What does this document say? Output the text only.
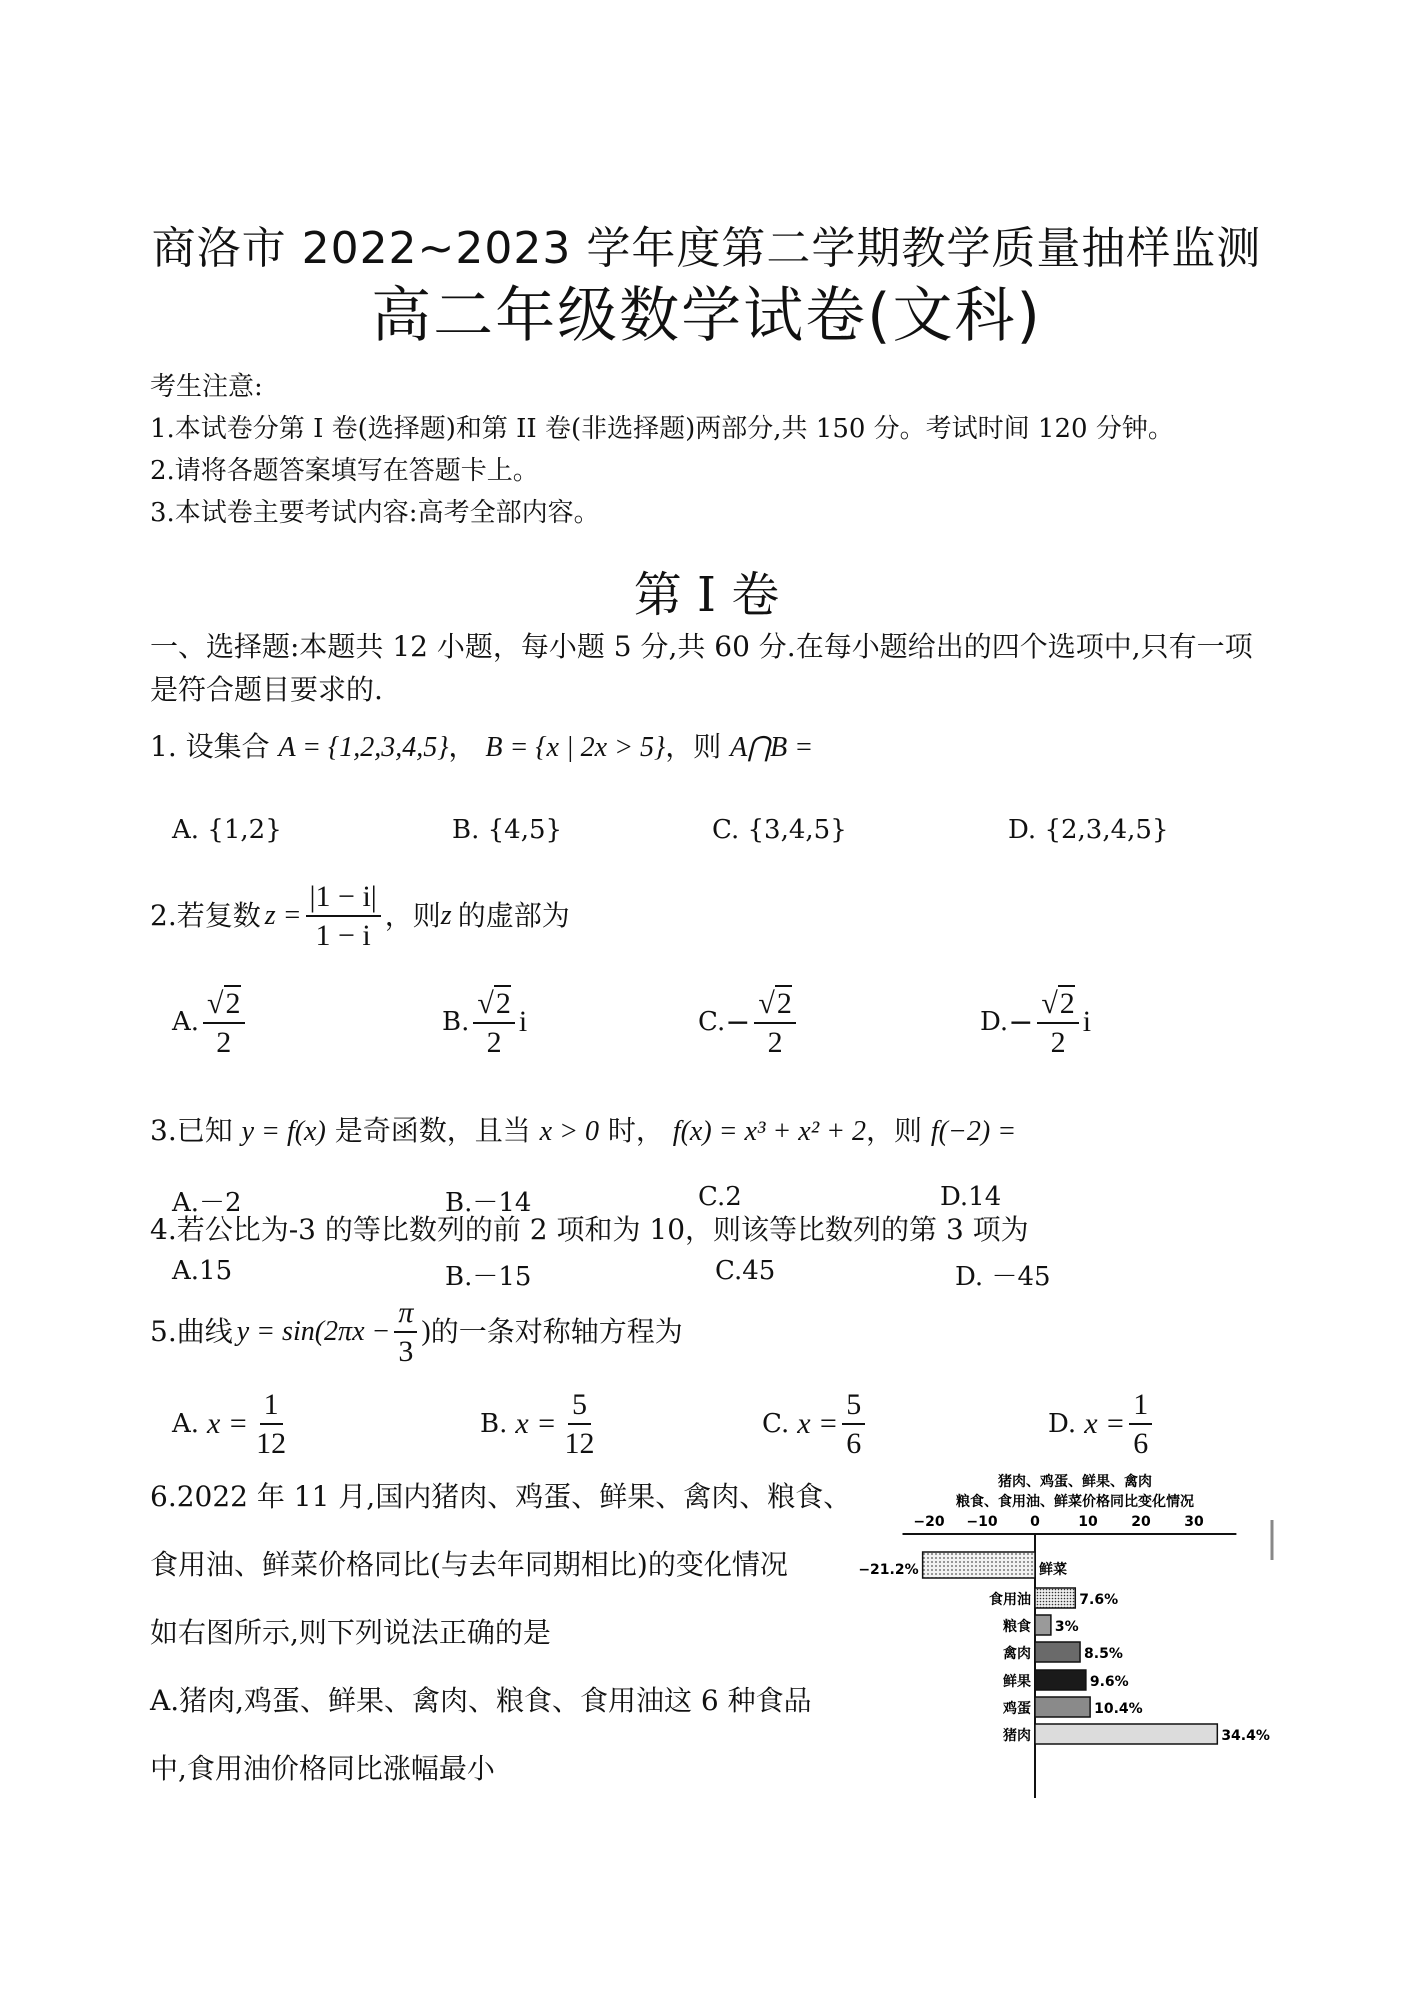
商洛市 2022~2023 学年度第二学期教学质量抽样监测
高二年级数学试卷(文科)
考生注意:
1.本试卷分第 I 卷(选择题)和第 II 卷(非选择题)两部分,共 150 分。考试时间 120 分钟。
2.请将各题答案填写在答题卡上。
3.本试卷主要考试内容:高考全部内容。
第 I 卷
一、选择题:本题共 12 小题，每小题 5 分,共 60 分.在每小题给出的四个选项中,只有一项
是符合题目要求的.
1. 设集合 A = {1,2,3,4,5}， B = {x | 2x > 5}，则 A⋂B =
A. {1,2}	B. {4,5}	C. {3,4,5}	D. {2,3,4,5}
2.若复数 $z = \frac{|1 - i|}{1 - i}$ ，则 z 的虚部为
A. $\frac{√2}{2}$	B. $\frac{√2}{2}$ i	C. − $\frac{√2}{2}$	D. − $\frac{√2}{2}$ i
3.已知 y = f(x) 是奇函数，且当 x > 0 时， f(x) = x³ + x² + 2，则 f(−2) =
A.－2	B.－14	C.2	D.14
4.若公比为-3 的等比数列的前 2 项和为 10，则该等比数列的第 3 项为
A.15	B.－15	C.45	D. －45
5.曲线 $y = \sin(2\pi x - \frac{\pi}{3}$ ) 的一条对称轴方程为
A. $x = \frac{1}{12}$	B. $x = \frac{5}{12}$	C. $x = \frac{5}{6}$	D. $x = \frac{1}{6}$
6.2022 年 11 月,国内猪肉、鸡蛋、鲜果、禽肉、粮食、
食用油、鲜菜价格同比(与去年同期相比)的变化情况
如右图所示,则下列说法正确的是
A.猪肉,鸡蛋、鲜果、禽肉、粮食、食用油这 6 种食品
中,食用油价格同比涨幅最小
猪肉、鸡蛋、鲜果、禽肉
粮食、食用油、鲜菜价格同比变化情况
−20 −10 0	10 20 30
鲜菜
−21.2%
食用油	7.6%
粮食 3%
禽肉	8.5%
鲜果	9.6%
鸡蛋	10.4%
猪肉	34.4%
